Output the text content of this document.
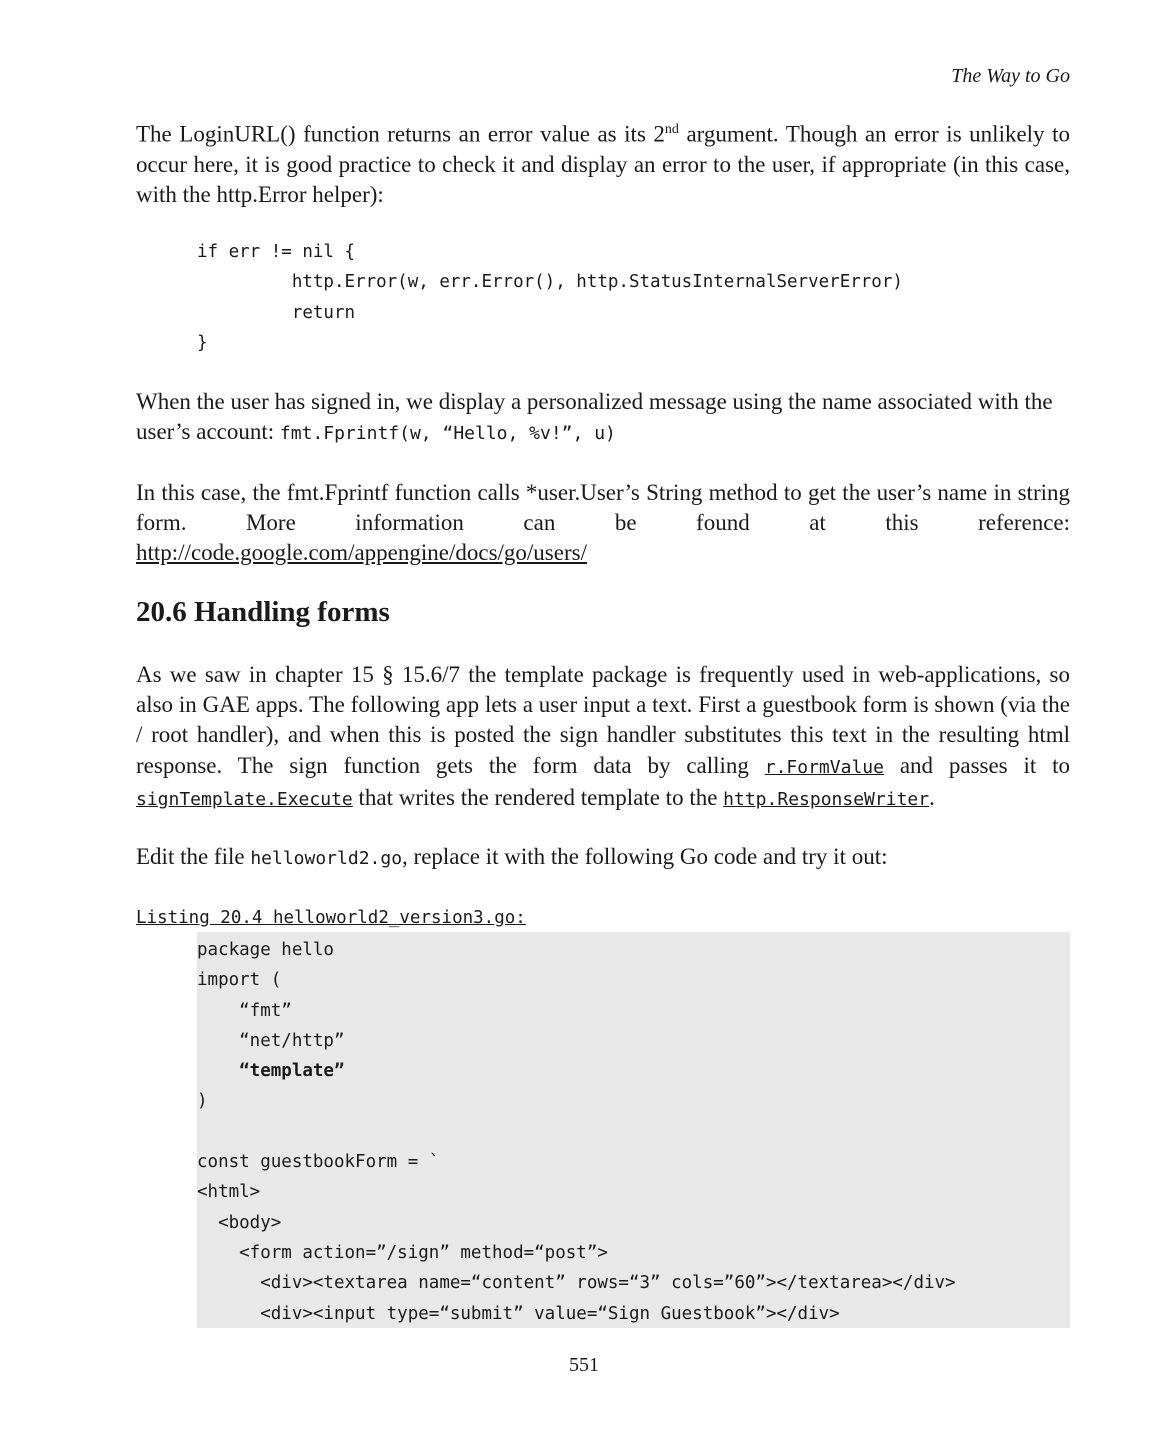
The Way to Go

The LoginURL() function returns an error value as its 2nd argument. Though an error is unlikely to occur here, it is good practice to check it and display an error to the user, if appropriate (in this case, with the http.Error helper):

if err != nil {
http.Error(w, err.Error(), http.StatusInternalServerError)
return
}

When the user has signed in, we display a personalized message using the name associated with the user’s account: fmt.Fprintf(w, “Hello, %v!”, u)

In this case, the fmt.Fprintf function calls *user.User’s String method to get the user’s name in string form. More information can be found at this reference: http://code.google.com/appengine/docs/go/users/

20.6 Handling forms

As we saw in chapter 15 § 15.6/7 the template package is frequently used in web-applications, so also in GAE apps. The following app lets a user input a text. First a guestbook form is shown (via the / root handler), and when this is posted the sign handler substitutes this text in the resulting html response. The sign function gets the form data by calling r.FormValue and passes it to signTemplate.Execute that writes the rendered template to the http.ResponseWriter.

Edit the file helloworld2.go, replace it with the following Go code and try it out:

Listing 20.4 helloworld2_version3.go:
package hello
import (
“fmt”
“net/http”
“template”
)
const guestbookForm = `
<html>
<body>
<form action=”/sign” method=“post”>
<div><textarea name=“content” rows=“3” cols=”60”></textarea></div>
<div><input type=“submit” value=“Sign Guestbook”></div>
551
